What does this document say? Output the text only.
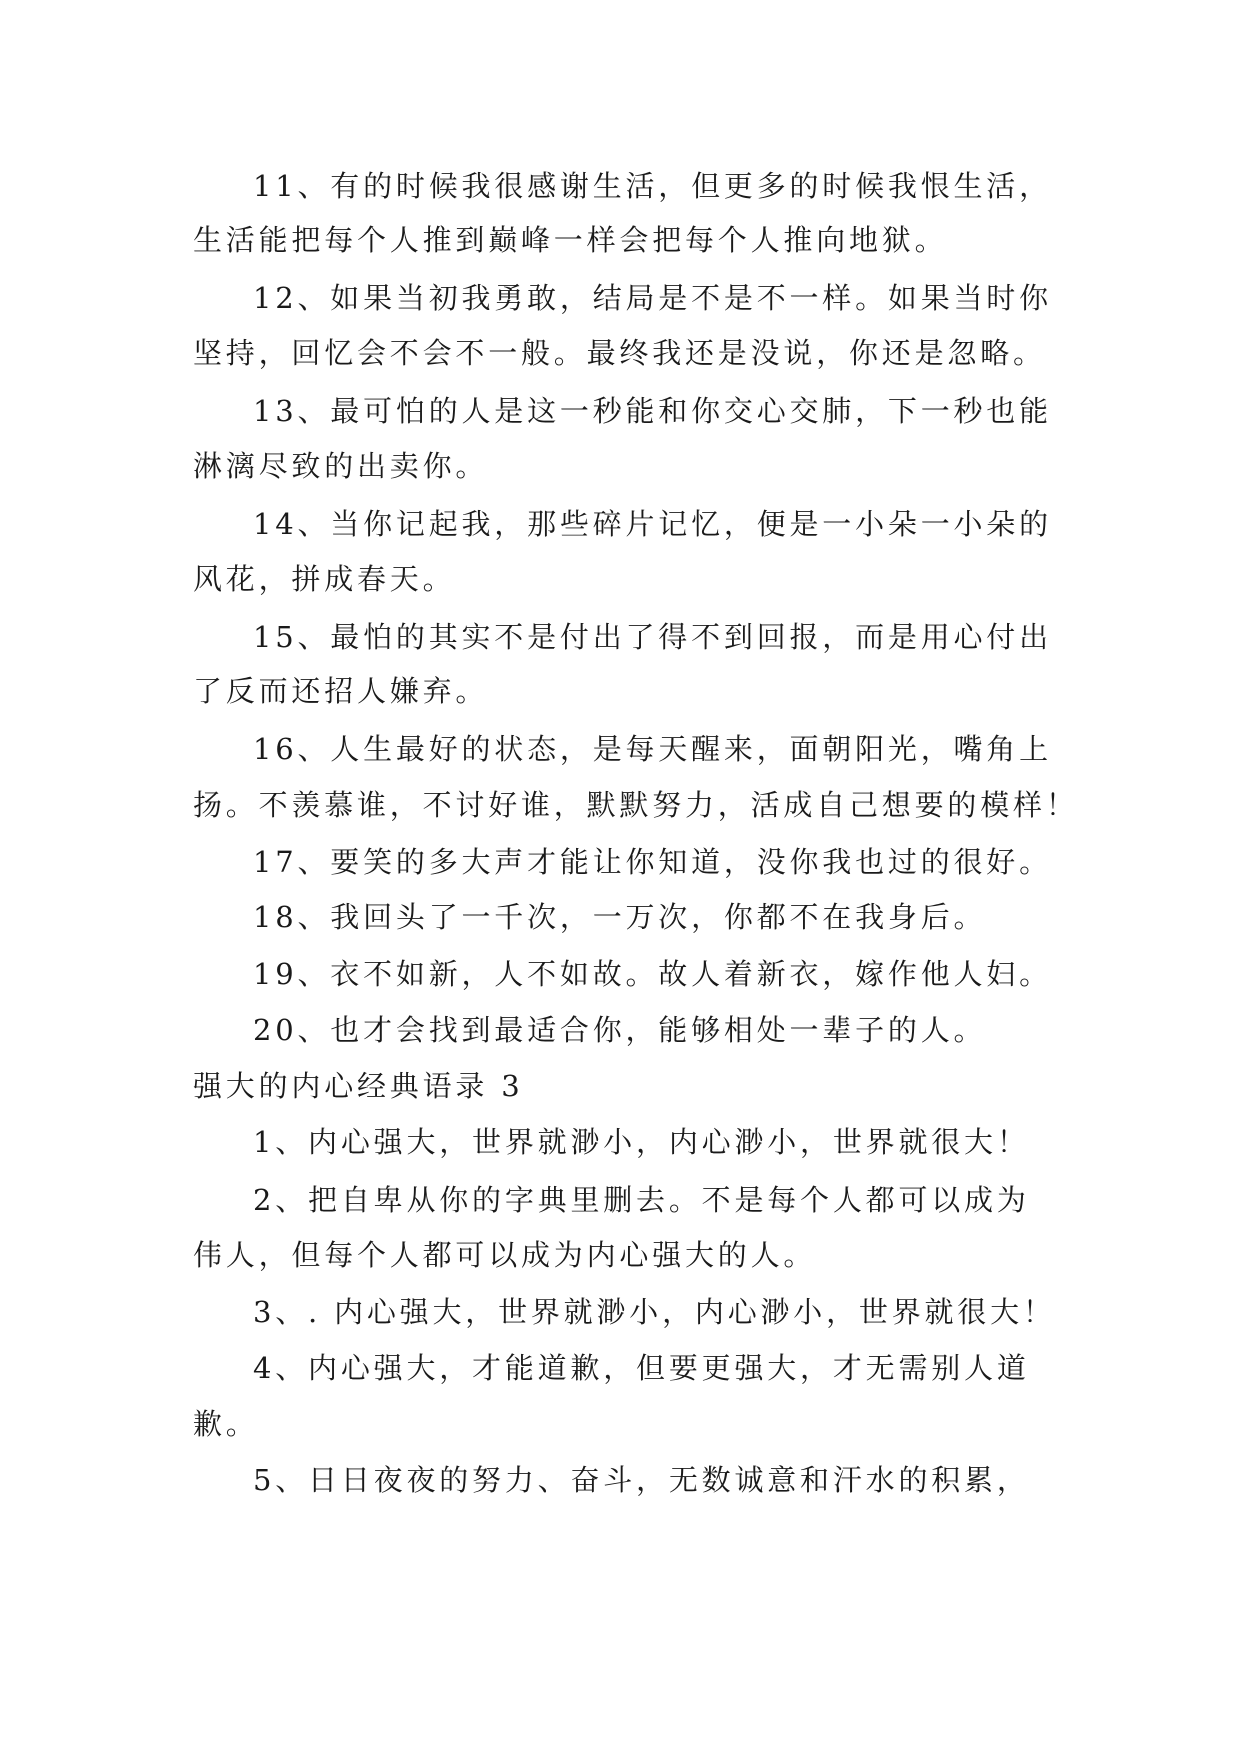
11、有的时候我很感谢生活，但更多的时候我恨生活，
生活能把每个人推到巅峰一样会把每个人推向地狱。
12、如果当初我勇敢，结局是不是不一样。如果当时你
坚持，回忆会不会不一般。最终我还是没说，你还是忽略。
13、最可怕的人是这一秒能和你交心交肺，下一秒也能
淋漓尽致的出卖你。
14、当你记起我，那些碎片记忆，便是一小朵一小朵的
风花，拼成春天。
15、最怕的其实不是付出了得不到回报，而是用心付出
了反而还招人嫌弃。
16、人生最好的状态，是每天醒来，面朝阳光，嘴角上
扬。不羡慕谁，不讨好谁，默默努力，活成自己想要的模样！
17、要笑的多大声才能让你知道，没你我也过的很好。
18、我回头了一千次，一万次，你都不在我身后。
19、衣不如新，人不如故。故人着新衣，嫁作他人妇。
20、也才会找到最适合你，能够相处一辈子的人。
强大的内心经典语录 3
1、内心强大，世界就渺小，内心渺小，世界就很大！
2、把自卑从你的字典里删去。不是每个人都可以成为
伟人，但每个人都可以成为内心强大的人。
3、. 内心强大，世界就渺小，内心渺小，世界就很大！
4、内心强大，才能道歉，但要更强大，才无需别人道
歉。
5、日日夜夜的努力、奋斗，无数诚意和汗水的积累，
